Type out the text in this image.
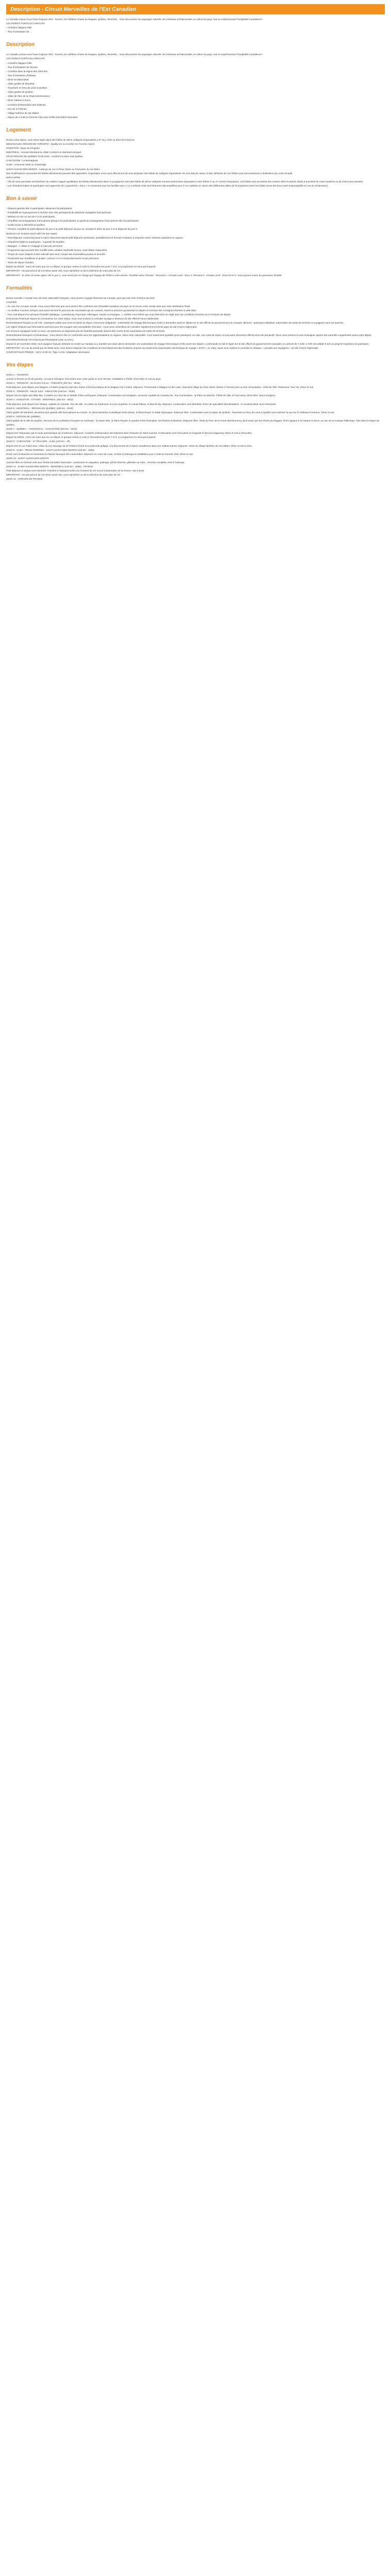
Description - Circuit Merveilles de l'Est Canadien

Le Canada comme vous l'avez toujours rêvé : Toronto, les célèbres chutes du Niagara, Québec, Montréal... Vous découvrirez les paysages naturels, les richesses architecturales, la culture du pays, tout en expérimentant l'hospitalité canadienne !

LES POINTS FORTS DU CIRCUITS

- Croisière Niagara Falls

- Tour d'orientation de ...

Description

Le Canada comme vous l'avez toujours rêvé : Toronto, les célèbres chutes du Niagara, Québec, Montréal... Vous découvrirez les paysages naturels, les richesses architecturales, la culture du pays, tout en expérimentant l'hospitalité canadienne !

LES POINTS FORTS DU CIRCUITS

- Croisière Niagara Falls

- Tour d'orientation de Toronto

- Croisière dans la région des 1000 Iles

- Tour d'orientation d'Ottawa

- Diner Smoked Meat

- Visite guidée de Montréal

- Traversée en ferry de Lévis à Québec

- Visite guidée de Québec

- Visite de Parc de la Chute Montmorency

- Diner cabane à Sucre

- Croisière d'observation des baleines

- Zoo de St Félicien

- Village fantôme de Val Jalbert

- Séjour de 2 nuits en formule Club avec forfait d'activités hivernales

Logement

Durant votre séjour, vous serez logés dans des hôtels de 3ème catégorie (équivalents à 3* NL), chez ou dans les environs.

MISSISSAUGA RÉGION DE TORONTO : Quality Inn ou Comfort Inn Toronto Airport

KINGSTON : Days Inn Kingston

MONTRÉAL : Novotel Montréal ou Hôtel Comfort Inn Montréal Aéroport

LÉVIS RÉGION DE QUÉBEC RIVE SUD : Comfort Inn Rive Sud Québec

CHICOUTIMI : La Montagnais

ALMA : Universel Hotel ou Travelodge

SAINT-ALEXIS-DES-MONTS : Auberge du Lac et l'Eau Claire ou Pourvoirie du Lac Blanc

Des modifications concernant les hôtels sélectionnés peuvent être apportées. Cependant, nous nous efforcerons de vous proposer des hôtels de catégorie équivalente. En tout état de cause, la liste définitive de vos hôtels vous sera transmise à destination par votre réceptif.

INFO HOTEL :

- Afin de vous permettre de bénéficier du meilleur rapport qualité/prix les hôtels sélectionnés dans ce programme sont des hôtels de 3ème catégorie normes américaines (équivalent à des hôtels 2* ou 3* normes françaises). Les hôtels sont excentrés des centres villes et parfois situés à proximité de voies routières ou de zones plus animées.

- Les chambres triples et quadruples sont agencées de 2 grands lits « doux » et convenant pour les familles avec 1 ou 2 enfants mais sont fortement déconseillées pour 3 ou 4 adultes en raison des différentes tailles de lit proposées selon les hôtels (sous des lieux toute responsabilité en cas de réclamation).

Bon à savoir

- Départs garantis dès 2 participants. Maximum 53 participants.

- Possibilité de regroupement à l'arrivée avec des participants de plusieurs voyagistes francophones.

- Minibus ou van ou 4x4 de 2 à 22 participants.

- Chauffeur-accompagnateur francophone (jusqu'à 22 participants) ou guide-accompagnateur francophone dès 23 participants.

- Guide locaux à Montréal et Québec.

- Pension complète du petit-déjeuner du jour 2 au petit déjeuner du jour 11, excepté le dîner du jour 3 et le déjeuner du jour 6.

Boissons non incluses (sauf café lors des repas).

- Petit-déjeuner continental (sauf à Saint-Alexis-Des-Monts petit déjeuner américain), possiblement en formule Grab&Go à emporter selon mesures sanitaires en vigueur.

- Chambres triples et quadruples : 2 grands lits doubles.

- Bagages : 1 valise et 1 bagage à main par personne.

- Programme type pouvant être modifié selon certains impératifs locaux, mais visites respectées.

- Temps de route indiqués à titre indicatif sans tenir compte des éventuelles pauses et du trafic.

- Pourboires aux chauffeurs et guides : prévoir 4 à 5 CAD/jour/personne et par personne.

- Taxes de séjour incluses.

Départ du 5/8/25 : merci de noter que sur ce départ, le groupe restera 2 nuits à Chicoutimi les jours 7 et 8. Le programme ne sera pas impacté.

IMPORTANT : Ne pas prévoir de vol retour avant 15h, vous rejoindrez un de la sélection de votre plan de vol.

IMPORTANT : Si votre vol arrive après 13h le jour 1, vous serez pris en charge par l'équipe de l'hôtel à votre arrivée. Transfert selon l'horaire : Terminal 1 - Arrivals Level - Door 4, Terminal 3 - Arrivals Level - Doors B or G. Vous pouvez suivre les panneaux 'Shuttle'.

Formalités

Bonne nouvelle ! Compte tenu de votre nationalité française, vous pouvez voyager librement au Canada, quel que soit votre schéma vaccinal.

A NOTER

- En cas d'un vol avec escale, nous vous informons que vous devrez être conforme aux formalités sanitaires du pays où se trouve votre escale ainsi que votre destination finale.

- Au meilleur moment, lorsque vous aurez terminé le parcours de vaccination qui lui convient. Nous ne pouvons qu'autoriser le départ en fonction des consignes d'entrée à cette date.

- Pour tout départ d'un aéroport frontalier (Belgique, Luxembourg, Pays-Bas, Allemagne, Suisse ou Espagne...), vérifiez vous même que vous êtes bien en règle avec les conditions d'entrée sur le territoire de départ.

Concernant l'éventuel impact du Coronavirus sur votre séjour, nous vous invitons à consulter la page ci-dessous du site officiel France Diplomatie.

Ressortissants français ou de l'UE : passeport valide pour toute la durée du séjour. Document obligatoire : Autorisation de Voyage Électronique (AVE) à demander avant le départ sur le site officiel du gouvernement du Canada. Mineurs : passeport individuel, autorisation de sortie de territoire si voyageant sans ses parents.

Les règles relatives aux informations prévues pour les voyages sont susceptibles d'évoluer ; nous vous conseillons de consulter régulièrement la fiche pays du site France Diplomatie.

Les mineurs voyageant seuls ou avec une personne ne disposant pas de l'autorité parentale doivent être munis d'une autorisation de sortie de territoire.

Ressortissants étrangers et binationaux : Vous devrez être en conformité avec les réglementations en vigueur, selon votre nationalité. Il est notamment possible qu'un passeport, un visa, une carte de séjour ou tout autre document officiel vous soit demandé. Nous vous invitons à vous renseigner auprès des autorités compétentes avant votre départ.

AUTORISATION DE VOYAGE ELECTRONIQUE (AVE ou ETA) :

Depuis le 10 novembre 2016, tout voyageur français désirant se rendre au Canada ou y transiter par avion devra demander une autorisation de voyage électronique (AVE) avant son départ. La demande se fait en ligne sur le site officiel du gouvernement canadien, le coût est de 7 CAD. L'AVE est valable 5 ans ou jusqu'à l'expiration du passeport.

IMPORTANT : En cas de transit par les Etats-Unis, vous devez respecter les conditions de franchissement des frontières propres aux Etats-Unis (autorisation électronique de voyage « ESTA » ou Visa). Nous vous invitons à consulter la rubrique « conseils aux voyageurs » du site France Diplomatie.

COURANT ELECTRIQUE : 120 V et 60 Hz. Type A et B. Adaptateur nécessaire.

Vos étapes

JOUR 1 : TORONTO

Arrivée à Toronto en fin de journée. Accueil à l'aéroport. Rencontre avec votre guide et vol à Toronto. Installation à l'hôtel. Dîner libre et nuit au pays.

JOUR 2 : TORONTO - NIAGARA FALLS - TORONTO (257 km - 3h44)

Petit déjeuner, puis départ vers Niagara. Croisière jusqu'au pied des chutes à bord du bateau de la Niagara City Cruises. Déjeuner. Promenade à Niagara-on-the-Lake, charmant village du XIXe siècle. Retour à Toronto pour un tour d'orientation : Hôtel de Ville, Parlement, Tour CN. Dîner et nuit.

JOUR 3 : TORONTO - MILLE ILES - KINGSTON (316 km - 3h30)

Départ vers la région des Mille-Îles. Croisière au cœur de ce dédale d'îlots verdoyants. Déjeuner. Continuation vers Kingston, ancienne capitale du Canada-Uni. Tour d'orientation : la Place du Marché, l'Hôtel de Ville, le Fort Henry. Dîner libre. Nuit à Kingston.

JOUR 4 : KINGSTON - OTTAWA - MONTRÉAL (354 km - 4h12)

Petit déjeuner, puis départ vers Ottawa, capitale du Canada. Tour de ville : la colline du Parlement, la Cour Suprême, le Canal Rideau, le Marché By. Déjeuner. Continuation vers Montréal. Dîner de spécialités Montréalaises : le Smoked Meat. Nuit à Montréal.

JOUR 5 : MONTRÉAL - RÉGION DE QUÉBEC (265 km - 2h40)

Visite guidée de Montréal, deuxième plus grande ville francophone au monde : le Vieux-Montréal, la Basilique Notre-Dame, le Mont-Royal, le Stade Olympique. Déjeuner libre. Continuation vers la région de Québec. Traversée en ferry de Lévis à Québec pour admirer la vue sur le Château Frontenac. Dîner et nuit.

JOUR 6 : RÉGION DE QUÉBEC

Visite guidée de la ville de Québec, berceau de la civilisation française en Amérique : la Haute-Ville, la Place Royale, le quartier Petit-Champlain, les Plaines d'Abraham. Déjeuner libre. Visite du Parc de la Chute Montmorency, plus haute que les chutes du Niagara. Dîner typique à la Cabane à Sucre, au son de la musique folklorique. Nuit dans la région de Québec.

JOUR 7 : QUÉBEC - TADOUSSAC - CHICOUTIMI (329 km - 5h10)

Départ vers Tadoussac par la route panoramique de Charlevoix. Déjeuner. Croisière d'observation des baleines dans l'estuaire du Saint-Laurent. Continuation vers Chicoutimi en longeant le fjord du Saguenay. Dîner et nuit à Chicoutimi.

Départ du 5/8/25 : merci de noter que sur ce départ, le groupe restera 2 nuits à Chicoutimi les jours 7 et 8. Le programme ne sera pas impacté.

JOUR 8 : CHICOUTIMI - ST FÉLICIEN - ALMA (132 km - 3h)

Départ vers le Lac Saint-Jean. Visite du zoo sauvage de St Félicien à bord d'un petit train grillagé, à la découverte de la faune canadienne dans son habitat naturel. Déjeuner. Visite du village fantôme de Val Jalbert. Dîner et nuit à Alma.

JOUR 9 : ALMA - TROIS RIVIÈRES - SAINT-ALEXIS-DES-MONTS (443 km - 4h50)

Route vers la Mauricie en traversant la réserve faunique des Laurentides. Déjeuner en cours de route. Arrivée à l'auberge et installation pour 2 nuits en formule Club. Dîner et nuit.

JOUR 10 : SAINT-ALEXIS-DES-MONTS

Journée libre en formule club avec forfait d'activités hivernales : randonnée en raquettes, patinage, pêche blanche, glissade sur tube... Pension complète. Nuit à l'auberge.

JOUR 11 : SAINT-ALEXIS-DES-MONTS - MONTRÉAL (140 km - 1h55) - FRANCE

Petit déjeuner et départ vers Montréal. Transfert à l'aéroport selon vos horaires de vol. Envol à destination de la France. Nuit à bord.

IMPORTANT : Ne pas prévoir de vol retour avant 15h, vous rejoindrez un de la sélection de votre plan de vol.

JOUR 12 : ARRIVÉE EN FRANCE
